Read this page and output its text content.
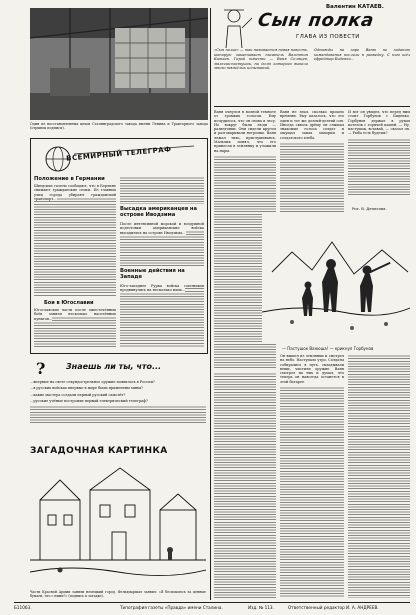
Один из восстановленных цехов Сталинградского завода имени Ленина и Тракторного завода (отрывок подписи).
ВСЕМИРНЫЙ ТЕЛЕГРАФ
Положение в Германии
Шведские газеты сообщают, что в Берлине снимают гражданские семьи. Из главных улиц города убирают гражданский транспорт...
Бои в Югославии
Югославские части после ожесточённых боёв заняли несколько населённых пунктов...
Высадка американцев на острове Иводзима
После интенсивной морской и воздушной подготовки американские войска высадились на острове Иводзима...
Военные действия на Западе
Юго-западнее Рурка войска союзников продвинулись на несколько миль...
?	Знаешь ли ты, что...
...впервые на свете секундострельное оружие появилось в России?
...в русских войсках впервые в мире были применены мины?
...какие мастера создали первый русский самолёт?
...русские учёные построили первый электрический телеграф?
ЗАГАДОЧНАЯ КАРТИНКА
Части Красной Армии заняли немецкий город. Фельдмаршал заявил: «Я беспокоюсь за ценные бумаги, что с ними?» (подпись к загадке).
Валентин КАТАЕВ.
Сын полка
ГЛАВА ИЗ ПОВЕСТИ
«Сын полка» — так называется новая повесть, которую заканчивает писатель Валентин Катаев. Герой повести — Ваня Солнцев, мальчик-пастушок, на долю которого выпало много тяжёлых испытаний.
Однажды на заре Ваню по заданию командования послали в разведку. С ним шёл ефрейтор Биденко...
Ваня очнулся в полной темноте от громких голосов. Ему почудилось, что он снова в лесу. Но вокруг были люди — разведчики. Они сидели кругом и разговаривали негромко. Ваня лежал тихо, прислушиваясь. Мальчик понял, что его принесли в землянку и уложили на нары.
Ваня не знал, сколько прошло времени. Ему казалось, что это один и тот же долгий-долгий сон. Иногда сквозь дрёму он слышал знакомые голоса солдат и ощущал запах махорки и солдатского хлеба.
И вот он увидел, что перед ним стоит Горбунов с Биденко. Горбунов держал в руках котелок с горячей кашей. — Ну, пастушок, вставай, — сказал он. — Рыба есть будешь?
Рис. В. Денисова.
— Пастушок Ванюша! — крикнул Горбунов
Он вышел из землянки и смотрел на небо. Наступало утро. Солдаты собирались в путь, складывали вещи, чистили оружие. Ваня смотрел на них и думал, что теперь он навсегда останется в этой батарее.
Б11063.	Типография газеты «Правда» имени Сталина.	Изд. № 113.	Ответственный редактор И. А. АНДРЕЕВ.
